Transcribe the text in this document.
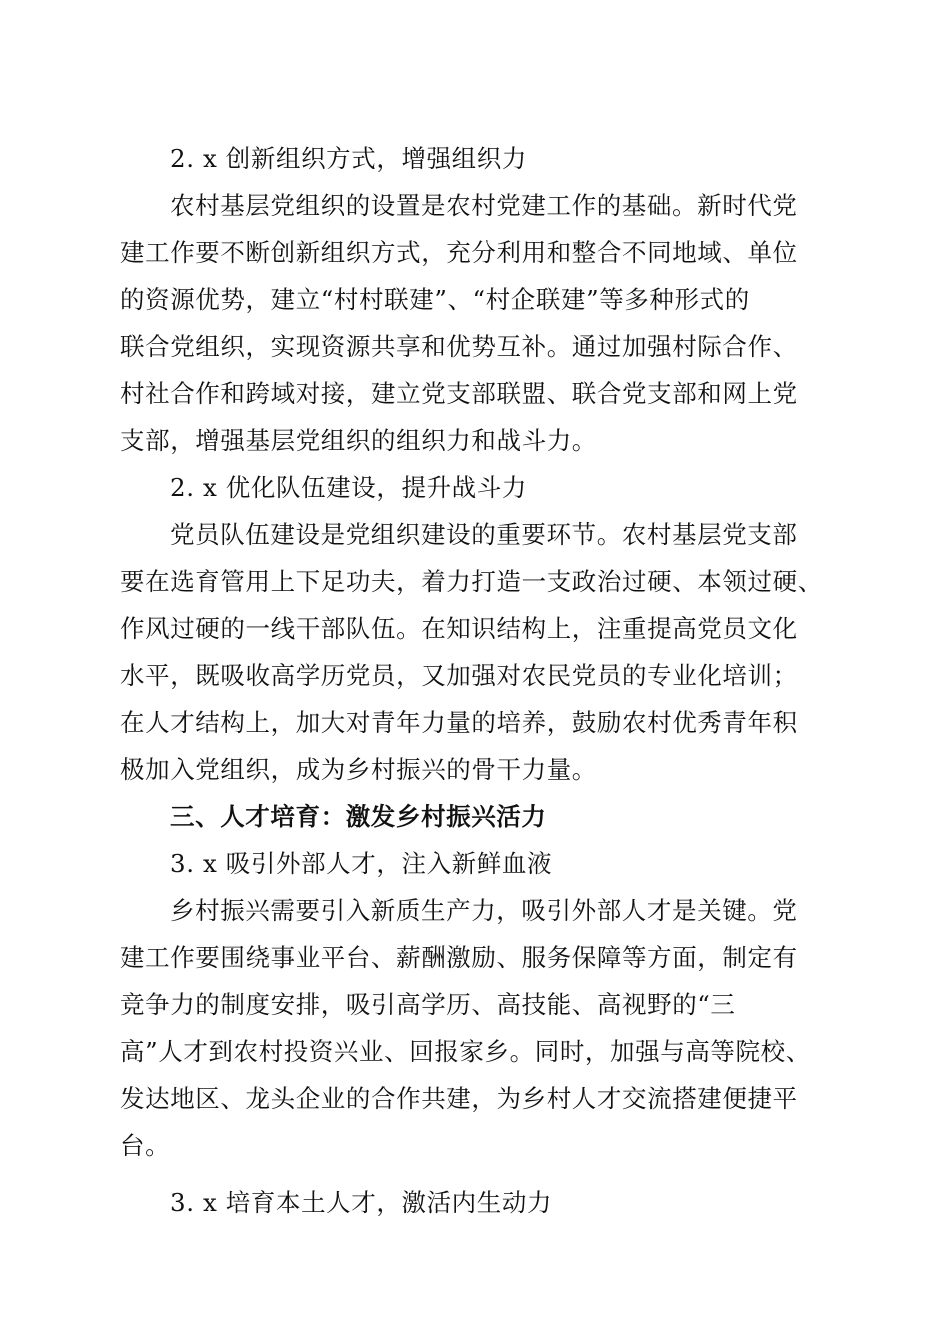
2. x 创新组织方式，增强组织力

农村基层党组织的设置是农村党建工作的基础。新时代党

建工作要不断创新组织方式，充分利用和整合不同地域、单位

的资源优势，建立“村村联建”、“村企联建”等多种形式的

联合党组织，实现资源共享和优势互补。通过加强村际合作、

村社合作和跨域对接，建立党支部联盟、联合党支部和网上党

支部，增强基层党组织的组织力和战斗力。

2. x 优化队伍建设，提升战斗力

党员队伍建设是党组织建设的重要环节。农村基层党支部

要在选育管用上下足功夫，着力打造一支政治过硬、本领过硬、

作风过硬的一线干部队伍。在知识结构上，注重提高党员文化

水平，既吸收高学历党员，又加强对农民党员的专业化培训；

在人才结构上，加大对青年力量的培养，鼓励农村优秀青年积

极加入党组织，成为乡村振兴的骨干力量。

三、人才培育：激发乡村振兴活力

3. x 吸引外部人才，注入新鲜血液

乡村振兴需要引入新质生产力，吸引外部人才是关键。党

建工作要围绕事业平台、薪酬激励、服务保障等方面，制定有

竞争力的制度安排，吸引高学历、高技能、高视野的“三

高”人才到农村投资兴业、回报家乡。同时，加强与高等院校、

发达地区、龙头企业的合作共建，为乡村人才交流搭建便捷平

台。

3. x 培育本土人才，激活内生动力
